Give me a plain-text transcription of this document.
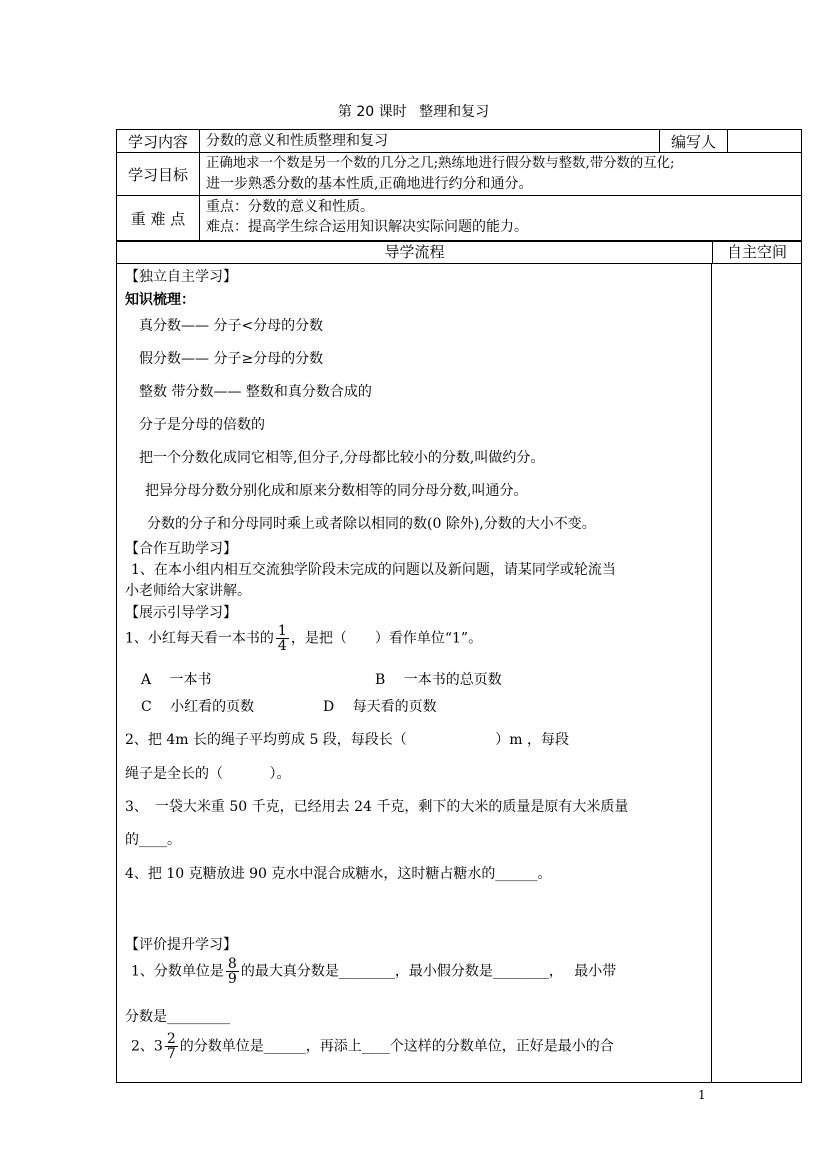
第 20 课时 整理和复习
学习内容	分数的意义和性质整理和复习	编写人
学习目标
正确地求一个数是另一个数的几分之几;熟练地进行假分数与整数,带分数的互化;
进一步熟悉分数的基本性质,正确地进行约分和通分。
重 难 点
重点：分数的意义和性质。
难点：提高学生综合运用知识解决实际问题的能力。
导学流程	自主空间
【独立自主学习】
知识梳理：
真分数—— 分子<分母的分数
假分数—— 分子≥分母的分数
整数 带分数—— 整数和真分数合成的
分子是分母的倍数的
把一个分数化成同它相等,但分子,分母都比较小的分数,叫做约分。
把异分母分数分别化成和原来分数相等的同分母分数,叫通分。
分数的分子和分母同时乘上或者除以相同的数(0 除外),分数的大小不变。
【合作互助学习】
1、在本小组内相互交流独学阶段未完成的问题以及新问题，请某同学或轮流当
小老师给大家讲解。
【展示引导学习】
1、小红每天看一本书的 $\frac{1}{4}$ ，是把（　　）看作单位“1”。
A　 一本书	B　 一本书的总页数
C　 小红看的页数	D　 每天看的页数
2、把 4m 长的绳子平均剪成 5 段，每段长（　　　　　　 ）m ，每段
绳子是全长的（　　　 ）。
3、　一袋大米重 50 千克，已经用去 24 千克，剩下的大米的质量是原有大米质量
的____。
4、把 10 克糖放进 90 克水中混合成糖水，这时糖占糖水的______。
【评价提升学习】
1、分数单位是 $\frac{8}{9}$ 的最大真分数是________，最小假分数是________，　 最小带
分数是_________
2、$3 \frac{2}{7}$ 的分数单位是______，再添上____个这样的分数单位，正好是最小的合
1
